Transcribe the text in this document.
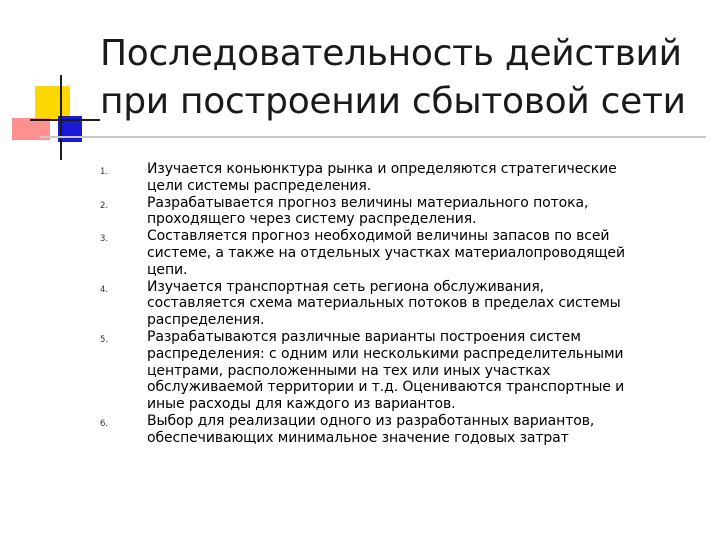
Последовательность действий
при построении сбытовой сети
1.	Изучается коньюнктура рынка и определяются стратегические
цели системы распределения.
2.	Разрабатывается прогноз величины материального потока,
проходящего через систему распределения.
3.	Составляется прогноз необходимой величины запасов по всей
системе, а также на отдельных участках материалопроводящей
цепи.
4.	Изучается транспортная сеть региона обслуживания,
составляется схема материальных потоков в пределах системы
распределения.
5.	Разрабатываются различные варианты построения систем
распределения: с одним или несколькими распределительными
центрами, расположенными на тех или иных участках
обслуживаемой территории и т.д. Оцениваются транспортные и
иные расходы для каждого из вариантов.
6.	Выбор для реализации одного из разработанных вариантов,
обеспечивающих минимальное значение годовых затрат
